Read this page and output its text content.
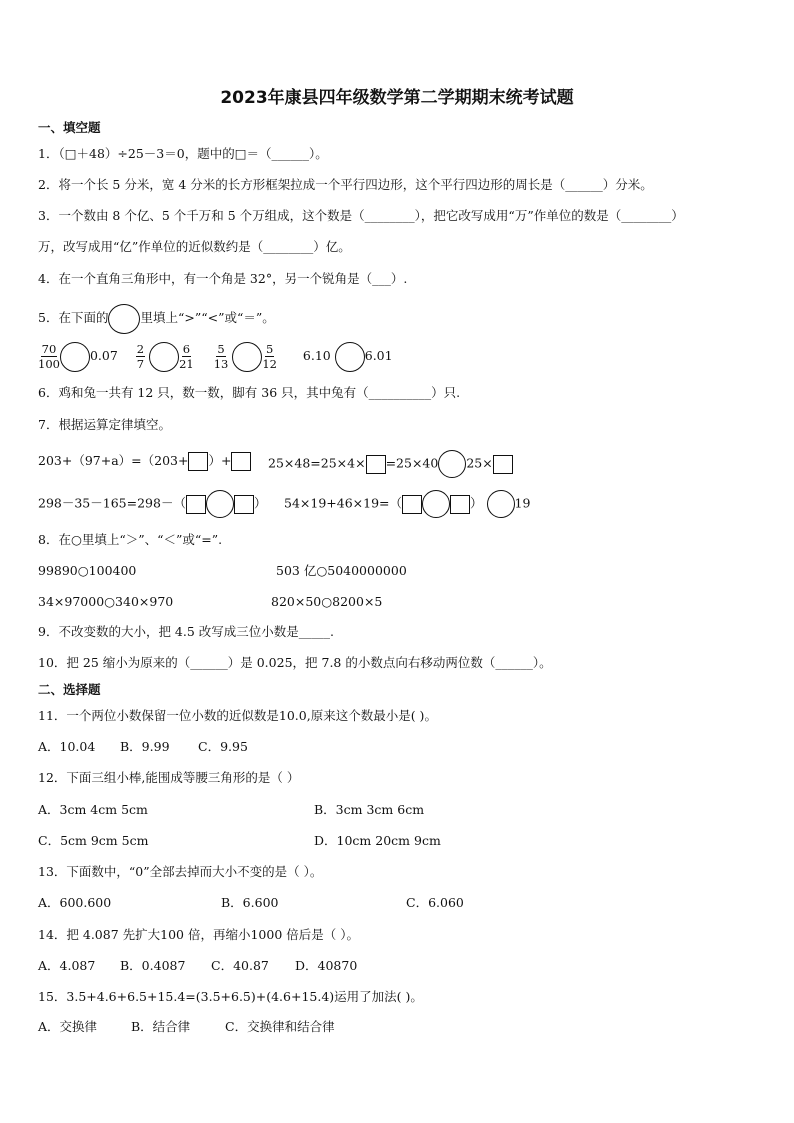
2023年康县四年级数学第二学期期末统考试题
一、填空题
1．（□＋48）÷25－3＝0，题中的□＝（______）。
2．将一个长 5 分米，宽 4 分米的长方形框架拉成一个平行四边形，这个平行四边形的周长是（______）分米。
3．一个数由 8 个亿、5 个千万和 5 个万组成，这个数是（________），把它改写成用“万”作单位的数是（________）
万，改写成用“亿”作单位的近似数约是（________）亿。
4．在一个直角三角形中，有一个角是 32°，另一个锐角是（___）.
5．在下面的	里填上“>”“<”或“＝”。
$\frac{70}{100} 0.07 \frac{2}{7}$
	$\frac{6}{21}$
$\frac{5}{13}$
	$\frac{5}{12} 6.10$	6.01
6．鸡和兔一共有 12 只，数一数，脚有 36 只，其中兔有（__________）只.
7．根据运算定律填空。
203+（97+a）=（203+ ）+	25×48=25×4× =25×40 25×
298－35－165=298－（	） 54×19+46×19=（	）	19
8．在○里填上“＞”、“＜”或“=”.
99890○100400	503 亿○5040000000
34×97000○340×970	820×50○8200×5
9．不改变数的大小，把 4.5 改写成三位小数是_____.
10．把 25 缩小为原来的（______）是 0.025，把 7.8 的小数点向右移动两位数（______）。
二、选择题
11．一个两位小数保留一位小数的近似数是10.0,原来这个数最小是( )。
A．10.04 B．9.99 C．9.95
12．下面三组小棒,能围成等腰三角形的是（ ）
A．3cm 4cm 5cm	B．3cm 3cm 6cm
C．5cm 9cm 5cm	D．10cm 20cm 9cm
13．下面数中，“0”全部去掉而大小不变的是（ ）。
A．600.600	B．6.600	C．6.060
14．把 4.087 先扩大100 倍，再缩小1000 倍后是（ ）。
A．4.087 B．0.4087 C．40.87 D．40870
15．3.5+4.6+6.5+15.4=(3.5+6.5)+(4.6+15.4)运用了加法( )。
A．交换律	B．结合律	C．交换律和结合律
